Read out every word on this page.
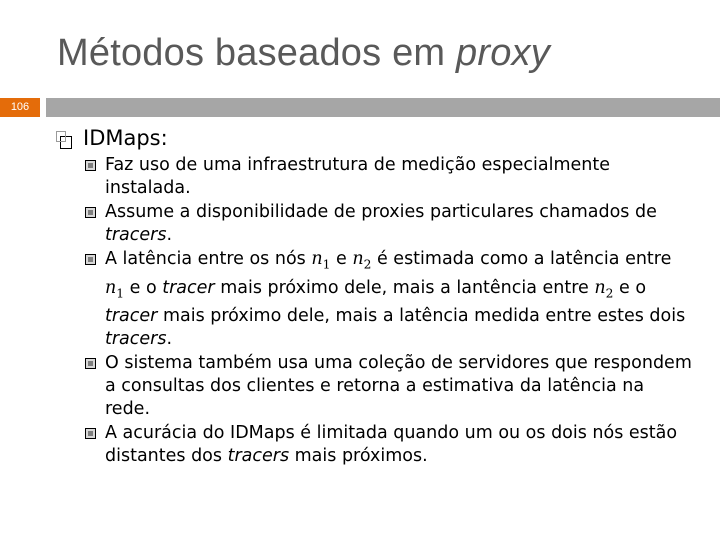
Métodos baseados em proxy
106
IDMaps:
Faz uso de uma infraestrutura de medição especialmente instalada.
Assume a disponibilidade de proxies particulares chamados de tracers.
A latência entre os nós $n_1$ e $n_2$ é estimada como a latência entre $n_1$ e o tracer mais próximo dele, mais a lantência entre $n_2$ e o tracer mais próximo dele, mais a latência medida entre estes dois tracers.
O sistema também usa uma coleção de servidores que respondem a consultas dos clientes e retorna a estimativa da latência na rede.
A acurácia do IDMaps é limitada quando um ou os dois nós estão distantes dos tracers mais próximos.
